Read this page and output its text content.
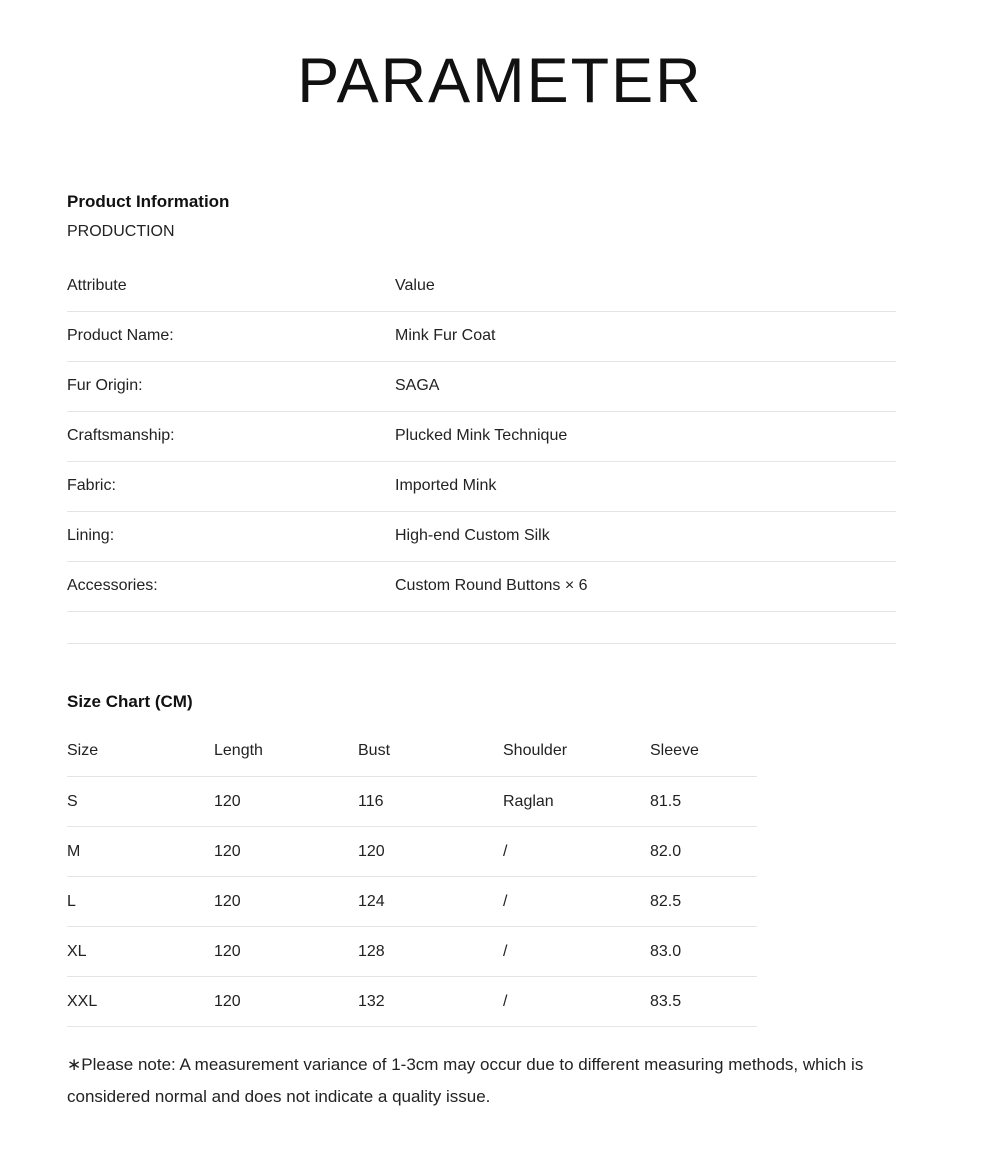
PARAMETER
Product Information
PRODUCTION
Attribute	Value
Product Name:	Mink Fur Coat
Fur Origin:	SAGA
Craftsmanship:	Plucked Mink Technique
Fabric:	Imported Mink
Lining:	High-end Custom Silk
Accessories:	Custom Round Buttons × 6
Size Chart (CM)
Size	Length	Bust	Shoulder	Sleeve
S	120	116	Raglan	81.5
M	120	120	/	82.0
L	120	124	/	82.5
XL	120	128	/	83.0
XXL	120	132	/	83.5

∗Please note: A measurement variance of 1-3cm may occur due to different measuring methods, which is considered normal and does not indicate a quality issue.
